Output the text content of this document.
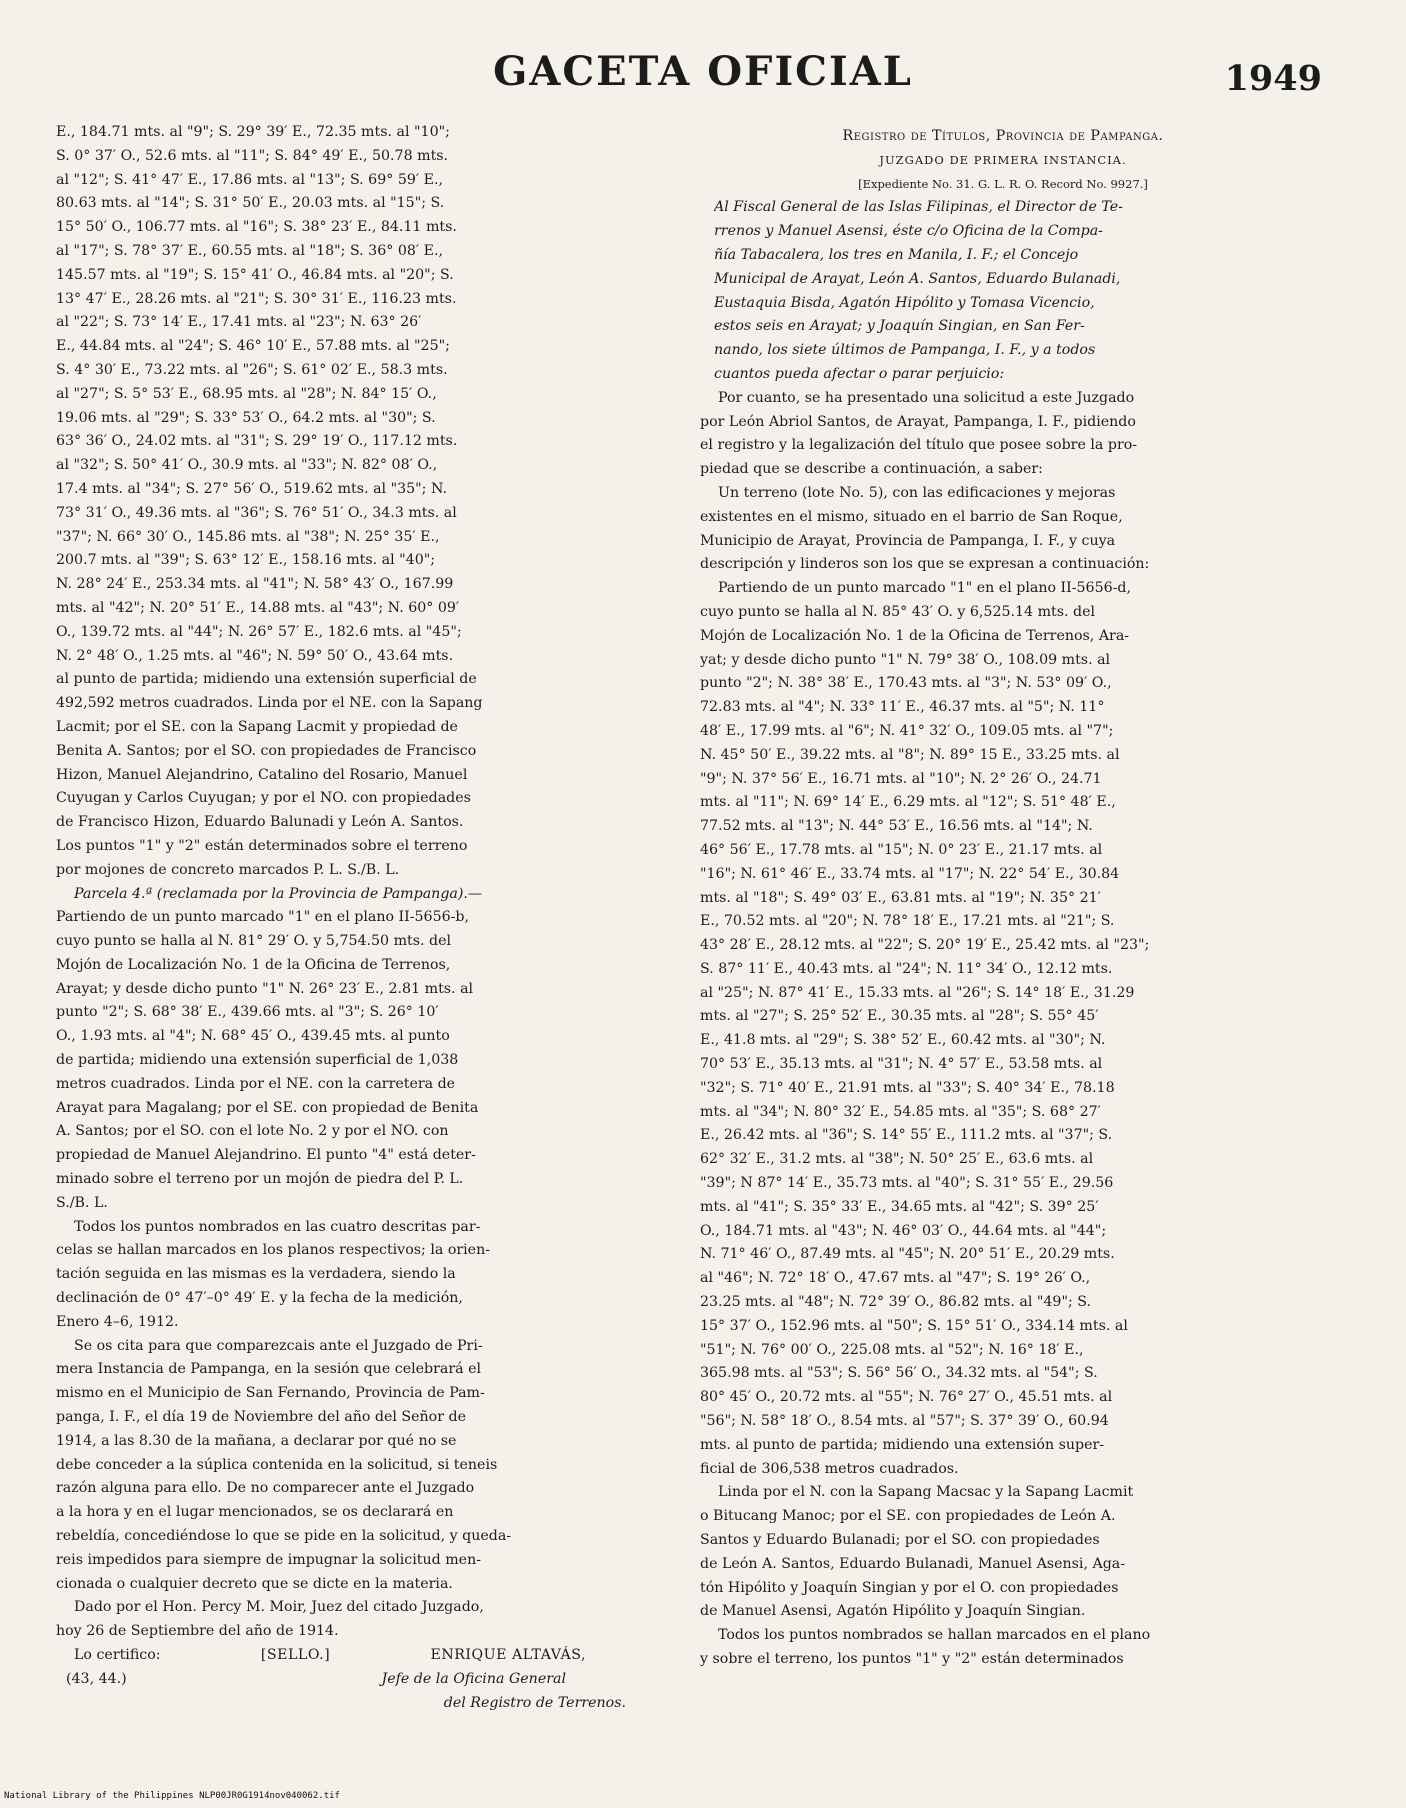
GACETA OFICIAL	1949
E., 184.71 mts. al "9"; S. 29° 39′ E., 72.35 mts. al "10";
S. 0° 37′ O., 52.6 mts. al "11"; S. 84° 49′ E., 50.78 mts.
al "12"; S. 41° 47′ E., 17.86 mts. al "13"; S. 69° 59′ E.,
80.63 mts. al "14"; S. 31° 50′ E., 20.03 mts. al "15"; S.
15° 50′ O., 106.77 mts. al "16"; S. 38° 23′ E., 84.11 mts.
al "17"; S. 78° 37′ E., 60.55 mts. al "18"; S. 36° 08′ E.,
145.57 mts. al "19"; S. 15° 41′ O., 46.84 mts. al "20"; S.
13° 47′ E., 28.26 mts. al "21"; S. 30° 31′ E., 116.23 mts.
al "22"; S. 73° 14′ E., 17.41 mts. al "23"; N. 63° 26′
E., 44.84 mts. al "24"; S. 46° 10′ E., 57.88 mts. al "25";
S. 4° 30′ E., 73.22 mts. al "26"; S. 61° 02′ E., 58.3 mts.
al "27"; S. 5° 53′ E., 68.95 mts. al "28"; N. 84° 15′ O.,
19.06 mts. al "29"; S. 33° 53′ O., 64.2 mts. al "30"; S.
63° 36′ O., 24.02 mts. al "31"; S. 29° 19′ O., 117.12 mts.
al "32"; S. 50° 41′ O., 30.9 mts. al "33"; N. 82° 08′ O.,
17.4 mts. al "34"; S. 27° 56′ O., 519.62 mts. al "35"; N.
73° 31′ O., 49.36 mts. al "36"; S. 76° 51′ O., 34.3 mts. al
"37"; N. 66° 30′ O., 145.86 mts. al "38"; N. 25° 35′ E.,
200.7 mts. al "39"; S. 63° 12′ E., 158.16 mts. al "40";
N. 28° 24′ E., 253.34 mts. al "41"; N. 58° 43′ O., 167.99
mts. al "42"; N. 20° 51′ E., 14.88 mts. al "43"; N. 60° 09′
O., 139.72 mts. al "44"; N. 26° 57′ E., 182.6 mts. al "45";
N. 2° 48′ O., 1.25 mts. al "46"; N. 59° 50′ O., 43.64 mts.
al punto de partida; midiendo una extensión superficial de
492,592 metros cuadrados. Linda por el NE. con la Sapang
Lacmit; por el SE. con la Sapang Lacmit y propiedad de
Benita A. Santos; por el SO. con propiedades de Francisco
Hizon, Manuel Alejandrino, Catalino del Rosario, Manuel
Cuyugan y Carlos Cuyugan; y por el NO. con propiedades
de Francisco Hizon, Eduardo Balunadi y León A. Santos.
Los puntos "1" y "2" están determinados sobre el terreno
por mojones de concreto marcados P. L. S./B. L.
Parcela 4.ª (reclamada por la Provincia de Pampanga).—
Partiendo de un punto marcado "1" en el plano II-5656-b,
cuyo punto se halla al N. 81° 29′ O. y 5,754.50 mts. del
Mojón de Localización No. 1 de la Oficina de Terrenos,
Arayat; y desde dicho punto "1" N. 26° 23′ E., 2.81 mts. al
punto "2"; S. 68° 38′ E., 439.66 mts. al "3"; S. 26° 10′
O., 1.93 mts. al "4"; N. 68° 45′ O., 439.45 mts. al punto
de partida; midiendo una extensión superficial de 1,038
metros cuadrados. Linda por el NE. con la carretera de
Arayat para Magalang; por el SE. con propiedad de Benita
A. Santos; por el SO. con el lote No. 2 y por el NO. con
propiedad de Manuel Alejandrino. El punto "4" está deter-
minado sobre el terreno por un mojón de piedra del P. L.
S./B. L.
Todos los puntos nombrados en las cuatro descritas par-
celas se hallan marcados en los planos respectivos; la orien-
tación seguida en las mismas es la verdadera, siendo la
declinación de 0° 47′–0° 49′ E. y la fecha de la medición,
Enero 4–6, 1912.
Se os cita para que comparezcais ante el Juzgado de Pri-
mera Instancia de Pampanga, en la sesión que celebrará el
mismo en el Municipio de San Fernando, Provincia de Pam-
panga, I. F., el día 19 de Noviembre del año del Señor de
1914, a las 8.30 de la mañana, a declarar por qué no se
debe conceder a la súplica contenida en la solicitud, si teneis
razón alguna para ello. De no comparecer ante el Juzgado
a la hora y en el lugar mencionados, se os declarará en
rebeldía, concediéndose lo que se pide en la solicitud, y queda-
reis impedidos para siempre de impugnar la solicitud men-
cionada o cualquier decreto que se dicte en la materia.
Dado por el Hon. Percy M. Moir, Juez del citado Juzgado,
hoy 26 de Septiembre del año de 1914.
Lo certifico:	[SELLO.]	ENRIQUE ALTAVÁS,
(43, 44.)	Jefe de la Oficina General
del Registro de Terrenos.
Registro de Títulos, Provincia de Pampanga.
JUZGADO DE PRIMERA INSTANCIA.
[Expediente No. 31. G. L. R. O. Record No. 9927.]
Al Fiscal General de las Islas Filipinas, el Director de Te-
rrenos y Manuel Asensi, éste c/o Oficina de la Compa-
ñía Tabacalera, los tres en Manila, I. F.; el Concejo
Municipal de Arayat, León A. Santos, Eduardo Bulanadi,
Eustaquia Bisda, Agatón Hipólito y Tomasa Vicencio,
estos seis en Arayat; y Joaquín Singian, en San Fer-
nando, los siete últimos de Pampanga, I. F., y a todos
cuantos pueda afectar o parar perjuicio:
Por cuanto, se ha presentado una solicitud a este Juzgado
por León Abriol Santos, de Arayat, Pampanga, I. F., pidiendo
el registro y la legalización del título que posee sobre la pro-
piedad que se describe a continuación, a saber:
Un terreno (lote No. 5), con las edificaciones y mejoras
existentes en el mismo, situado en el barrio de San Roque,
Municipio de Arayat, Provincia de Pampanga, I. F., y cuya
descripción y linderos son los que se expresan a continuación:
Partiendo de un punto marcado "1" en el plano II-5656-d,
cuyo punto se halla al N. 85° 43′ O. y 6,525.14 mts. del
Mojón de Localización No. 1 de la Oficina de Terrenos, Ara-
yat; y desde dicho punto "1" N. 79° 38′ O., 108.09 mts. al
punto "2"; N. 38° 38′ E., 170.43 mts. al "3"; N. 53° 09′ O.,
72.83 mts. al "4"; N. 33° 11′ E., 46.37 mts. al "5"; N. 11°
48′ E., 17.99 mts. al "6"; N. 41° 32′ O., 109.05 mts. al "7";
N. 45° 50′ E., 39.22 mts. al "8"; N. 89° 15 E., 33.25 mts. al
"9"; N. 37° 56′ E., 16.71 mts. al "10"; N. 2° 26′ O., 24.71
mts. al "11"; N. 69° 14′ E., 6.29 mts. al "12"; S. 51° 48′ E.,
77.52 mts. al "13"; N. 44° 53′ E., 16.56 mts. al "14"; N.
46° 56′ E., 17.78 mts. al "15"; N. 0° 23′ E., 21.17 mts. al
"16"; N. 61° 46′ E., 33.74 mts. al "17"; N. 22° 54′ E., 30.84
mts. al "18"; S. 49° 03′ E., 63.81 mts. al "19"; N. 35° 21′
E., 70.52 mts. al "20"; N. 78° 18′ E., 17.21 mts. al "21"; S.
43° 28′ E., 28.12 mts. al "22"; S. 20° 19′ E., 25.42 mts. al "23";
S. 87° 11′ E., 40.43 mts. al "24"; N. 11° 34′ O., 12.12 mts.
al "25"; N. 87° 41′ E., 15.33 mts. al "26"; S. 14° 18′ E., 31.29
mts. al "27"; S. 25° 52′ E., 30.35 mts. al "28"; S. 55° 45′
E., 41.8 mts. al "29"; S. 38° 52′ E., 60.42 mts. al "30"; N.
70° 53′ E., 35.13 mts. al "31"; N. 4° 57′ E., 53.58 mts. al
"32"; S. 71° 40′ E., 21.91 mts. al "33"; S. 40° 34′ E., 78.18
mts. al "34"; N. 80° 32′ E., 54.85 mts. al "35"; S. 68° 27′
E., 26.42 mts. al "36"; S. 14° 55′ E., 111.2 mts. al "37"; S.
62° 32′ E., 31.2 mts. al "38"; N. 50° 25′ E., 63.6 mts. al
"39"; N 87° 14′ E., 35.73 mts. al "40"; S. 31° 55′ E., 29.56
mts. al "41"; S. 35° 33′ E., 34.65 mts. al "42"; S. 39° 25′
O., 184.71 mts. al "43"; N. 46° 03′ O., 44.64 mts. al "44";
N. 71° 46′ O., 87.49 mts. al "45"; N. 20° 51′ E., 20.29 mts.
al "46"; N. 72° 18′ O., 47.67 mts. al "47"; S. 19° 26′ O.,
23.25 mts. al "48"; N. 72° 39′ O., 86.82 mts. al "49"; S.
15° 37′ O., 152.96 mts. al "50"; S. 15° 51′ O., 334.14 mts. al
"51"; N. 76° 00′ O., 225.08 mts. al "52"; N. 16° 18′ E.,
365.98 mts. al "53"; S. 56° 56′ O., 34.32 mts. al "54"; S.
80° 45′ O., 20.72 mts. al "55"; N. 76° 27′ O., 45.51 mts. al
"56"; N. 58° 18′ O., 8.54 mts. al "57"; S. 37° 39′ O., 60.94
mts. al punto de partida; midiendo una extensión super-
ficial de 306,538 metros cuadrados.
Linda por el N. con la Sapang Macsac y la Sapang Lacmit
o Bitucang Manoc; por el SE. con propiedades de León A.
Santos y Eduardo Bulanadi; por el SO. con propiedades
de León A. Santos, Eduardo Bulanadi, Manuel Asensi, Aga-
tón Hipólito y Joaquín Singian y por el O. con propiedades
de Manuel Asensi, Agatón Hipólito y Joaquín Singian.
Todos los puntos nombrados se hallan marcados en el plano
y sobre el terreno, los puntos "1" y "2" están determinados
National Library of the Philippines NLP00JR0G1914nov040062.tif
